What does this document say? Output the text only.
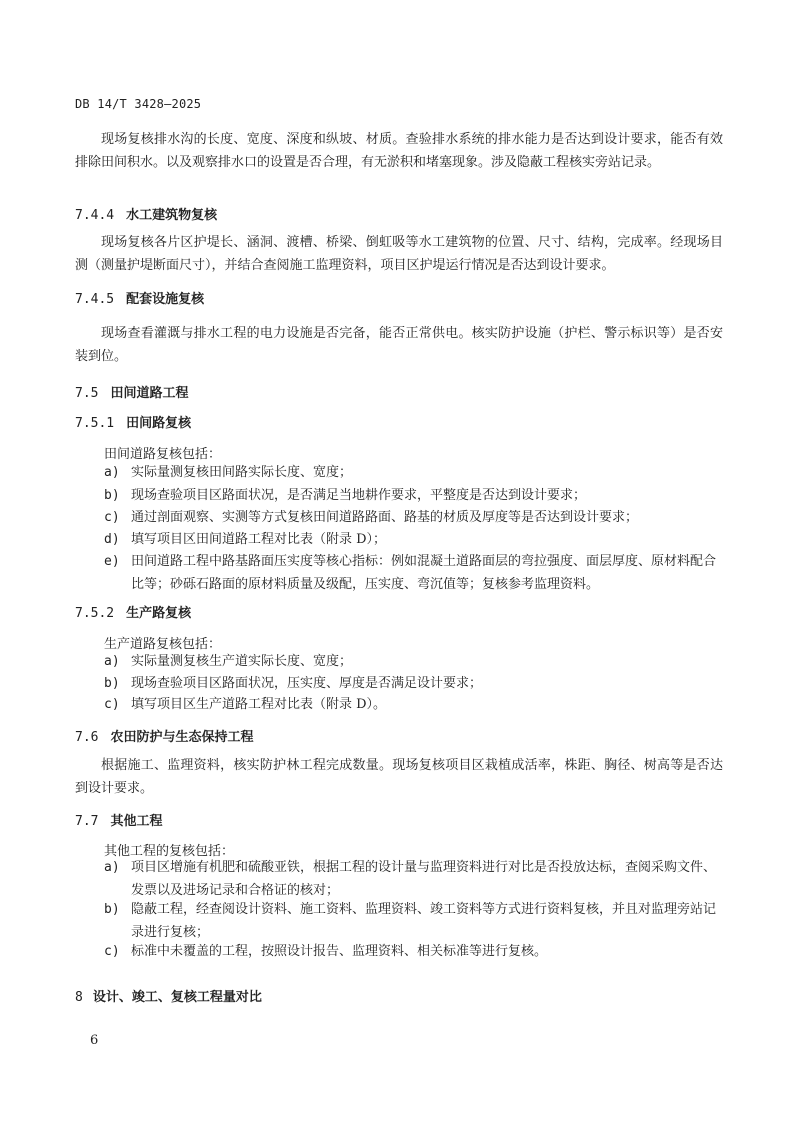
DB 14/T 3428—2025
现场复核排水沟的长度、宽度、深度和纵坡、材质。查验排水系统的排水能力是否达到设计要求，能否有效排除田间积水。以及观察排水口的设置是否合理，有无淤积和堵塞现象。涉及隐蔽工程核实旁站记录。
7.4.4 水工建筑物复核
现场复核各片区护堤长、涵洞、渡槽、桥梁、倒虹吸等水工建筑物的位置、尺寸、结构，完成率。经现场目测（测量护堤断面尺寸），并结合查阅施工监理资料，项目区护堤运行情况是否达到设计要求。
7.4.5 配套设施复核
现场查看灌溉与排水工程的电力设施是否完备，能否正常供电。核实防护设施（护栏、警示标识等）是否安装到位。
7.5 田间道路工程
7.5.1 田间路复核
田间道路复核包括：
a) 实际量测复核田间路实际长度、宽度；
b) 现场查验项目区路面状况，是否满足当地耕作要求，平整度是否达到设计要求；
c) 通过剖面观察、实测等方式复核田间道路路面、路基的材质及厚度等是否达到设计要求；
d) 填写项目区田间道路工程对比表（附录 D）；
e) 田间道路工程中路基路面压实度等核心指标：例如混凝土道路面层的弯拉强度、面层厚度、原材料配合比等；砂砾石路面的原材料质量及级配，压实度、弯沉值等；复核参考监理资料。
7.5.2 生产路复核
生产道路复核包括：
a) 实际量测复核生产道实际长度、宽度；
b) 现场查验项目区路面状况，压实度、厚度是否满足设计要求；
c) 填写项目区生产道路工程对比表（附录 D）。
7.6 农田防护与生态保持工程
根据施工、监理资料，核实防护林工程完成数量。现场复核项目区栽植成活率，株距、胸径、树高等是否达到设计要求。
7.7 其他工程
其他工程的复核包括：
a) 项目区增施有机肥和硫酸亚铁，根据工程的设计量与监理资料进行对比是否投放达标，查阅采购文件、发票以及进场记录和合格证的核对；
b) 隐蔽工程，经查阅设计资料、施工资料、监理资料、竣工资料等方式进行资料复核，并且对监理旁站记录进行复核；
c) 标准中未覆盖的工程，按照设计报告、监理资料、相关标准等进行复核。
8 设计、竣工、复核工程量对比
6
